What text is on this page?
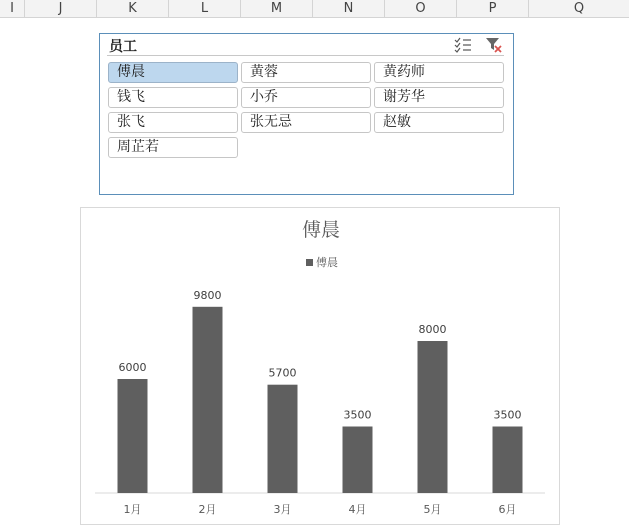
I	J	K	L	M	N	O	P	Q
员工
傅晨	黄蓉	黄药师
钱飞	小乔	谢芳华
张飞	张无忌	赵敏
周芷若
傅晨
傅晨
6000
1月
9800
2月
5700
3月
3500
4月
8000
5月
3500
6月
